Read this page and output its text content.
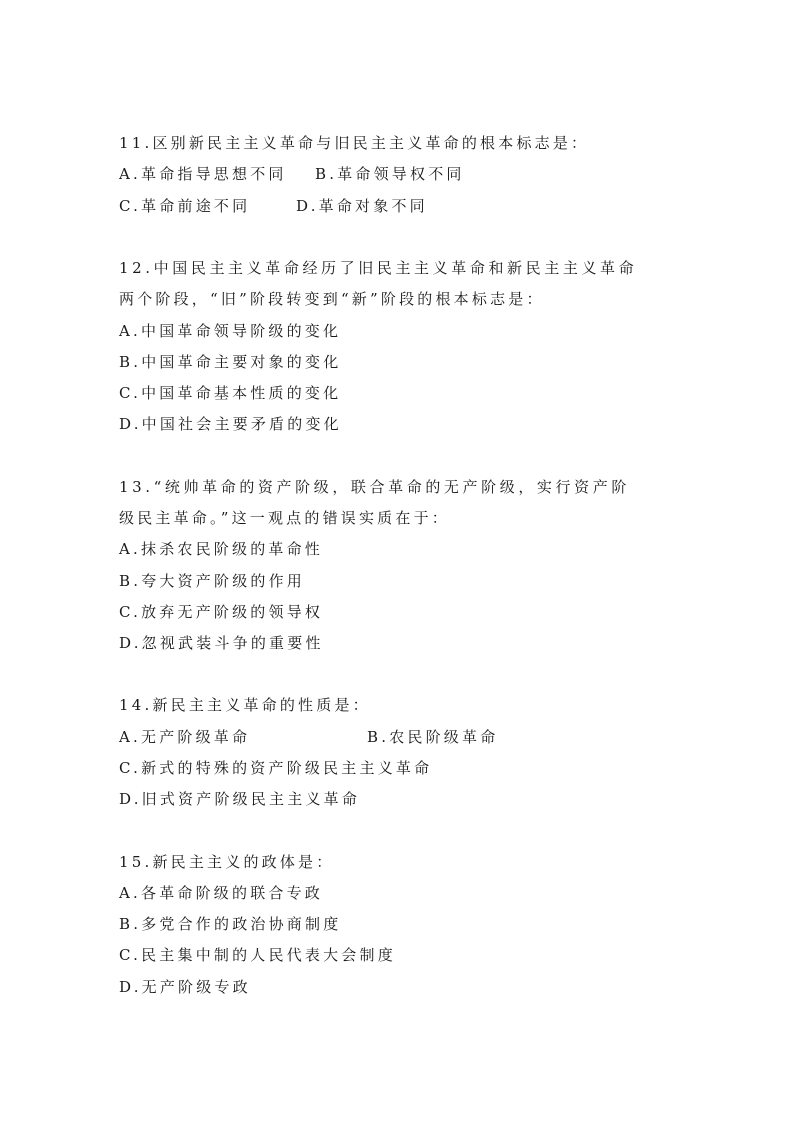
11.区别新民主主义革命与旧民主主义革命的根本标志是：
A.革命指导思想不同 B.革命领导权不同
C.革命前途不同	D.革命对象不同
12.中国民主主义革命经历了旧民主主义革命和新民主主义革命
两个阶段，“旧”阶段转变到“新”阶段的根本标志是：
A.中国革命领导阶级的变化
B.中国革命主要对象的变化
C.中国革命基本性质的变化
D.中国社会主要矛盾的变化
13.“统帅革命的资产阶级，联合革命的无产阶级，实行资产阶
级民主革命。”这一观点的错误实质在于：
A.抹杀农民阶级的革命性
B.夸大资产阶级的作用
C.放弃无产阶级的领导权
D.忽视武装斗争的重要性
14.新民主主义革命的性质是：
A.无产阶级革命	B.农民阶级革命
C.新式的特殊的资产阶级民主主义革命
D.旧式资产阶级民主主义革命
15.新民主主义的政体是：
A.各革命阶级的联合专政
B.多党合作的政治协商制度
C.民主集中制的人民代表大会制度
D.无产阶级专政
